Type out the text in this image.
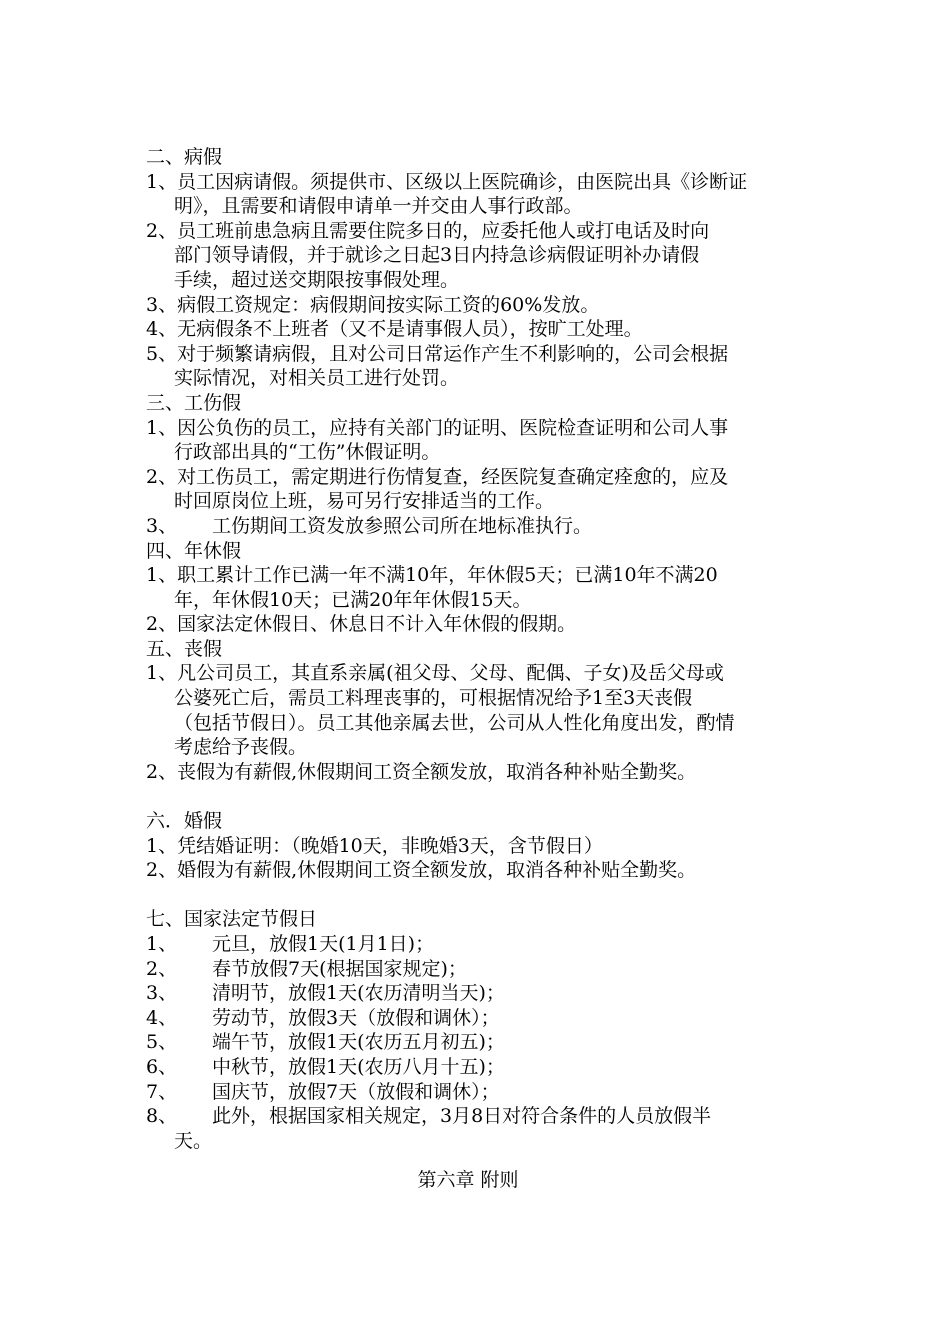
二、病假

1、员工因病请假。须提供市、区级以上医院确诊，由医院出具《诊断证
明》，且需要和请假申请单一并交由人事行政部。
2、员工班前患急病且需要住院多日的，应委托他人或打电话及时向
部门领导请假，并于就诊之日起3日内持急诊病假证明补办请假
手续，超过送交期限按事假处理。
3、病假工资规定：病假期间按实际工资的60%发放。
4、无病假条不上班者（又不是请事假人员），按旷工处理。
5、对于频繁请病假，且对公司日常运作产生不利影响的，公司会根据
实际情况，对相关员工进行处罚。

三、工伤假

1、因公负伤的员工，应持有关部门的证明、医院检查证明和公司人事
行政部出具的“工伤”休假证明。
2、对工伤员工，需定期进行伤情复查，经医院复查确定痊愈的，应及
时回原岗位上班，易可另行安排适当的工作。
3、	工伤期间工资发放参照公司所在地标准执行。

四、年休假

1、职工累计工作已满一年不满10年，年休假5天；已满10年不满20
年，年休假10天；已满20年年休假15天。
2、国家法定休假日、休息日不计入年休假的假期。

五、丧假

1、凡公司员工，其直系亲属(祖父母、父母、配偶、子女)及岳父母或
公婆死亡后，需员工料理丧事的，可根据情况给予1至3天丧假
（包括节假日）。员工其他亲属去世，公司从人性化角度出发，酌情
考虑给予丧假。
2、丧假为有薪假,休假期间工资全额发放，取消各种补贴全勤奖。

六．婚假

1、凭结婚证明：（晚婚10天，非晚婚3天，含节假日）
2、婚假为有薪假,休假期间工资全额发放，取消各种补贴全勤奖。

七、国家法定节假日

1、	元旦，放假1天(1月1日)；
2、	春节放假7天(根据国家规定)；
3、	清明节，放假1天(农历清明当天)；
4、	劳动节，放假3天（放假和调休）；
5、	端午节，放假1天(农历五月初五)；
6、	中秋节，放假1天(农历八月十五)；
7、	国庆节，放假7天（放假和调休）；
8、	此外，根据国家相关规定，3月8日对符合条件的人员放假半
天。

第六章 附则
